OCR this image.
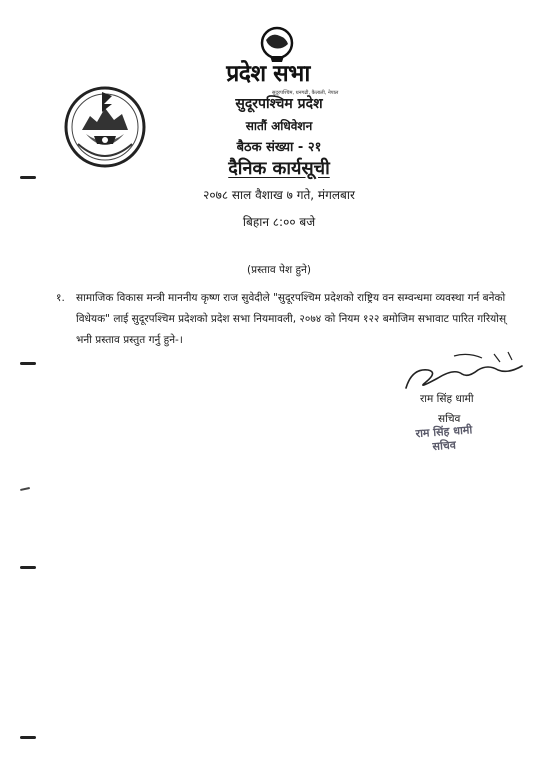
प्रदेश सभा
सुदूरपश्चिम, धनगढी, कैलाली, नेपाल
सुदूरपश्चिम प्रदेश
सातौं अधिवेशन
बैठक संख्या - २१
दैनिक कार्यसूची
२०७८ साल वैशाख ७ गते, मंगलबार
बिहान ८:०० बजे
(प्रस्ताव पेश हुने)
१. सामाजिक विकास मन्त्री माननीय कृष्ण राज सुवेदीले "सुदूरपश्चिम प्रदेशको राष्ट्रिय वन सम्वन्धमा व्यवस्था गर्न बनेको विधेयक" लाई सुदूरपश्चिम प्रदेशको प्रदेश सभा नियमावली, २०७४ को नियम १२२ बमोजिम सभावाट पारित गरियोस् भनी प्रस्ताव प्रस्तुत गर्नु हुने-।
राम सिंह धामी
सचिव
राम सिंह धामी
सचिव
